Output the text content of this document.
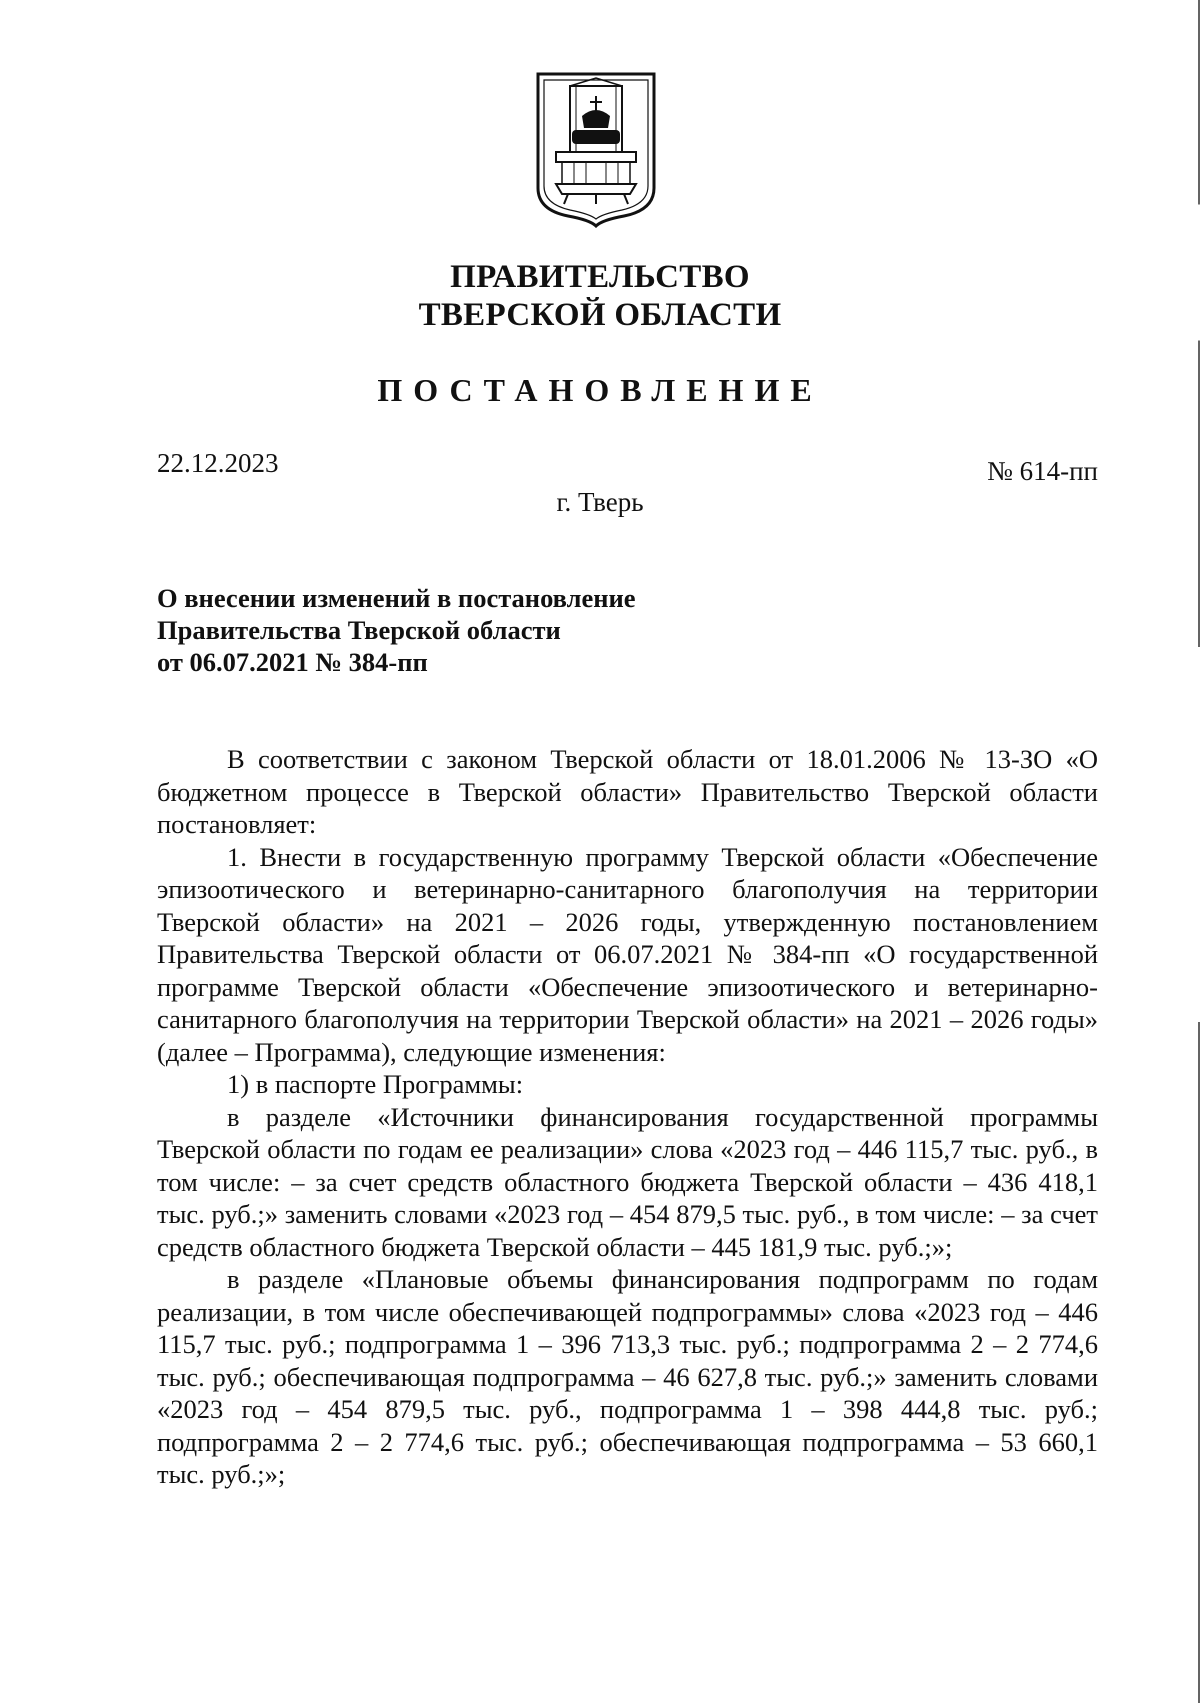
ПРАВИТЕЛЬСТВО
ТВЕРСКОЙ ОБЛАСТИ
ПОСТАНОВЛЕНИЕ
22.12.2023	№ 614-пп
г. Тверь
О внесении изменений в постановление
Правительства Тверской области
от 06.07.2021 № 384-пп

В соответствии с законом Тверской области от 18.01.2006 № 13-ЗО «О бюджетном процессе в Тверской области» Правительство Тверской области постановляет:

1. Внести в государственную программу Тверской области «Обеспечение эпизоотического и ветеринарно-санитарного благополучия на территории Тверской области» на 2021 – 2026 годы, утвержденную постановлением Правительства Тверской области от 06.07.2021 № 384-пп «О государственной программе Тверской области «Обеспечение эпизоотического и ветеринарно-санитарного благополучия на территории Тверской области» на 2021 – 2026 годы» (далее – Программа), следующие изменения:

1) в паспорте Программы:

в разделе «Источники финансирования государственной программы Тверской области по годам ее реализации» слова «2023 год – 446 115,7 тыс. руб., в том числе: – за счет средств областного бюджета Тверской области – 436 418,1 тыс. руб.;» заменить словами «2023 год – 454 879,5 тыс. руб., в том числе: – за счет средств областного бюджета Тверской области – 445 181,9 тыс. руб.;»;

в разделе «Плановые объемы финансирования подпрограмм по годам реализации, в том числе обеспечивающей подпрограммы» слова «2023 год – 446 115,7 тыс. руб.; подпрограмма 1 – 396 713,3 тыс. руб.; подпрограмма 2 – 2 774,6 тыс. руб.; обеспечивающая подпрограмма – 46 627,8 тыс. руб.;» заменить словами «2023 год – 454 879,5 тыс. руб., подпрограмма 1 – 398 444,8 тыс. руб.; подпрограмма 2 – 2 774,6 тыс. руб.; обеспечивающая подпрограмма – 53 660,1 тыс. руб.;»;
